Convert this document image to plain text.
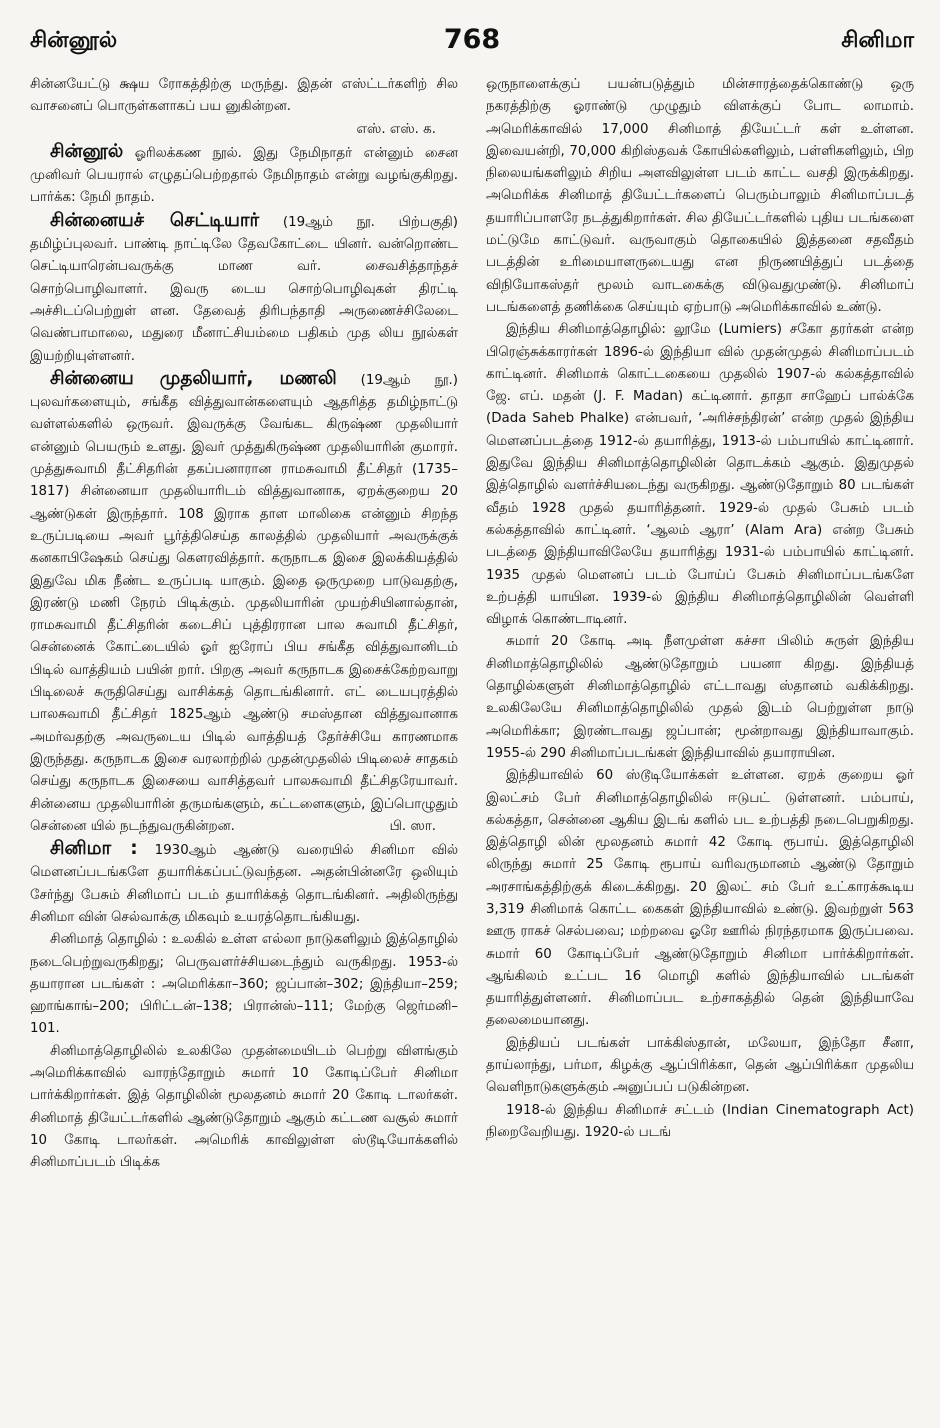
சின்னூல்	768	சினிமா

சின்னயேட்டு க்ஷய ரோகத்திற்கு மருந்து. இதன் எஸ்ட்டர்களிற் சில வாசனைப் பொருள்களாகப் பய னுகின்றன.

எஸ். எஸ். க.

சின்னூல் ஓரிலக்கண நூல். இது நேமிநாதர் என்னும் சைன முனிவர் பெயரால் எழுதப்பெற்றதால் நேமிநாதம் என்று வழங்குகிறது. பார்க்க: நேமி நாதம்.

சின்னையச் செட்டியார் (19ஆம் நூ. பிற்பகுதி) தமிழ்ப்புலவர். பாண்டி நாட்டிலே தேவகோட்டை யினர். வன்றொண்ட செட்டியாரென்பவருக்கு மாண வர். சைவசித்தாந்தச் சொற்பொழிவாளர். இவரு டைய சொற்பொழிவுகள் திரட்டி அச்சிடப்பெற்றுள் ளன. தேவைத் திரிபந்தாதி அருணைச்சிலேடை வெண்பாமாலை, மதுரை மீனாட்சியம்மை பதிகம் முத லிய நூல்கள் இயற்றியுள்ளனர்.

சின்னைய முதலியார், மணலி (19ஆம் நூ.) புலவர்களையும், சங்கீத வித்துவான்களையும் ஆதரித்த தமிழ்நாட்டு வள்ளல்களில் ஒருவர். இவருக்கு வேங்கட கிருஷ்ண முதலியார் என்னும் பெயரும் உளது. இவர் முத்துகிருஷ்ண முதலியாரின் குமாரர். முத்துசுவாமி தீட்சிதரின் தகப்பனாரான ராமசுவாமி தீட்சிதர் (1735–1817) சின்னையா முதலியாரிடம் வித்துவானாக, ஏறக்குறைய 20 ஆண்டுகள் இருந்தார். 108 இராக தாள மாலிகை என்னும் சிறந்த உருப்படியை அவர் பூர்த்திசெய்த காலத்தில் முதலியார் அவருக்குக் கனகாபிஷேகம் செய்து கௌரவித்தார். கருநாடக இசை இலக்கியத்தில் இதுவே மிக நீண்ட உருப்படி யாகும். இதை ஒருமுறை பாடுவதற்கு, இரண்டு மணி நேரம் பிடிக்கும். முதலியாரின் முயற்சியினால்தான், ராமசுவாமி தீட்சிதரின் கடைசிப் புத்திரரான பால சுவாமி தீட்சிதர், சென்னைக் கோட்டையில் ஓர் ஐரோப் பிய சங்கீத வித்துவானிடம் பிடில் வாத்தியம் பயின் றார். பிறகு அவர் கருநாடக இசைக்கேற்றவாறு பிடிலைச் சுருதிசெய்து வாசிக்கத் தொடங்கினார். எட் டையபுரத்தில் பாலசுவாமி தீட்சிதர் 1825ஆம் ஆண்டு சமஸ்தான வித்துவானாக அமர்வதற்கு அவருடைய பிடில் வாத்தியத் தேர்ச்சியே காரணமாக இருந்தது. கருநாடக இசை வரலாற்றில் முதன்முதலில் பிடிலைச் சாதகம் செய்து கருநாடக இசையை வாசித்தவர் பாலசுவாமி தீட்சிதரேயாவர். சின்னைய முதலியாரின் தருமங்களும், கட்டளைகளும், இப்பொழுதும் சென்னை யில் நடந்துவருகின்றன.	பி. ஸா.

சினிமா : 1930ஆம் ஆண்டு வரையில் சினிமா வில் மௌனப்படங்களே தயாரிக்கப்பட்டுவந்தன. அதன்பின்னரே ஒலியும் சேர்ந்து பேசும் சினிமாப் படம் தயாரிக்கத் தொடங்கினர். அதிலிருந்து சினிமா வின் செல்வாக்கு மிகவும் உயரத்தொடங்கியது.

சினிமாத் தொழில் : உலகில் உள்ள எல்லா நாடுகளிலும் இத்தொழில் நடைபெற்றுவருகிறது; பெருவளர்ச்சியடைந்தும் வருகிறது. 1953-ல் தயாரான படங்கள் : அமெரிக்கா–360; ஜப்பான்–302; இந்தியா–259; ஹாங்காங்–200; பிரிட்டன்–138; பிரான்ஸ்–111; மேற்கு ஜெர்மனி–101.

சினிமாத்தொழிலில் உலகிலே முதன்மையிடம் பெற்று விளங்கும் அமெரிக்காவில் வாரந்தோறும் சுமார் 10 கோடிப்பேர் சினிமா பார்க்கிறார்கள். இத் தொழிலின் மூலதனம் சுமார் 20 கோடி டாலர்கள். சினிமாத் தியேட்டர்களில் ஆண்டுதோறும் ஆகும் கட்டண வசூல் சுமார் 10 கோடி டாலர்கள். அமெரிக் காவிலுள்ள ஸ்டூடியோக்களில் சினிமாப்படம் பிடிக்க

ஒருநாளைக்குப் பயன்படுத்தும் மின்சாரத்தைக்கொண்டு ஒரு நகரத்திற்கு ஓராண்டு முழுதும் விளக்குப் போட லாமாம். அமெரிக்காவில் 17,000 சினிமாத் தியேட்டர் கள் உள்ளன. இவையன்றி, 70,000 கிறிஸ்தவக் கோயில்களிலும், பள்ளிகளிலும், பிற நிலையங்களிலும் சிறிய அளவிலுள்ள படம் காட்ட வசதி இருக்கிறது. அமெரிக்க சினிமாத் தியேட்டர்களைப் பெரும்பாலும் சினிமாப்படத் தயாரிப்பாளரே நடத்துகிறார்கள். சில தியேட்டர்களில் புதிய படங்களை மட்டுமே காட்டுவர். வருவாகும் தொகையில் இத்தனை சதவீதம் படத்தின் உரிமையாளருடையது என நிருணயித்துப் படத்தை விநியோகஸ்தர் மூலம் வாடகைக்கு விடுவதுமுண்டு. சினிமாப் படங்களைத் தணிக்கை செய்யும் ஏற்பாடு அமெரிக்காவில் உண்டு.

இந்திய சினிமாத்தொழில்: லூமே (Lumiers) சகோ தரர்கள் என்ற பிரெஞ்சுக்காரர்கள் 1896-ல் இந்தியா வில் முதன்முதல் சினிமாப்படம் காட்டினர். சினிமாக் கொட்டகையை முதலில் 1907-ல் கல்கத்தாவில் ஜே. எப். மதன் (J. F. Madan) கட்டினார். தாதா சாஹேப் பால்க்கே (Dada Saheb Phalke) என்பவர், ‘அரிச்சந்திரன்’ என்ற முதல் இந்திய மௌனப்படத்தை 1912-ல் தயாரித்து, 1913-ல் பம்பாயில் காட்டினார். இதுவே இந்திய சினிமாத்தொழிலின் தொடக்கம் ஆகும். இதுமுதல் இத்தொழில் வளர்ச்சியடைந்து வருகிறது. ஆண்டுதோறும் 80 படங்கள் வீதம் 1928 முதல் தயாரித்தனர். 1929-ல் முதல் பேசும் படம் கல்கத்தாவில் காட்டினர். ‘ஆலம் ஆரா’ (Alam Ara) என்ற பேசும் படத்தை இந்தியாவிலேயே தயாரித்து 1931-ல் பம்பாயில் காட்டினர். 1935 முதல் மௌனப் படம் போய்ப் பேசும் சினிமாப்படங்களே உற்பத்தி யாயின. 1939-ல் இந்திய சினிமாத்தொழிலின் வெள்ளி விழாக் கொண்டாடினர்.

சுமார் 20 கோடி அடி நீளமுள்ள கச்சா பிலிம் சுருள் இந்திய சினிமாத்தொழிலில் ஆண்டுதோறும் பயனா கிறது. இந்தியத் தொழில்களுள் சினிமாத்தொழில் எட்டாவது ஸ்தானம் வகிக்கிறது. உலகிலேயே சினிமாத்தொழிலில் முதல் இடம் பெற்றுள்ள நாடு அமெரிக்கா; இரண்டாவது ஜப்பான்; மூன்றாவது இந்தியாவாகும். 1955-ல் 290 சினிமாப்படங்கள் இந்தியாவில் தயாராயின.

இந்தியாவில் 60 ஸ்டூடியோக்கள் உள்ளன. ஏறக் குறைய ஓர் இலட்சம் பேர் சினிமாத்தொழிலில் ஈடுபட் டுள்ளனர். பம்பாய், கல்கத்தா, சென்னை ஆகிய இடங் களில் பட உற்பத்தி நடைபெறுகிறது. இத்தொழி லின் மூலதனம் சுமார் 42 கோடி ரூபாய். இத்தொழிலி லிருந்து சுமார் 25 கோடி ரூபாய் வரிவருமானம் ஆண்டு தோறும் அரசாங்கத்திற்குக் கிடைக்கிறது. 20 இலட் சம் பேர் உட்காரக்கூடிய 3,319 சினிமாக் கொட்ட கைகள் இந்தியாவில் உண்டு. இவற்றுள் 563 ஊரு ராகச் செல்பவை; மற்றவை ஓரே ஊரில் நிரந்தரமாக இருப்பவை. சுமார் 60 கோடிப்பேர் ஆண்டுதோறும் சினிமா பார்க்கிறார்கள். ஆங்கிலம் உட்பட 16 மொழி களில் இந்தியாவில் படங்கள் தயாரித்துள்ளனர். சினிமாப்பட உற்சாகத்தில் தென் இந்தியாவே தலைமையானது.

இந்தியப் படங்கள் பாக்கிஸ்தான், மலேயா, இந்தோ சீனா, தாய்லாந்து, பர்மா, கிழக்கு ஆப்பிரிக்கா, தென் ஆப்பிரிக்கா முதலிய வெளிநாடுகளுக்கும் அனுப்பப் படுகின்றன.

1918-ல் இந்திய சினிமாச் சட்டம் (Indian Cinematograph Act) நிறைவேறியது. 1920-ல் படங்
